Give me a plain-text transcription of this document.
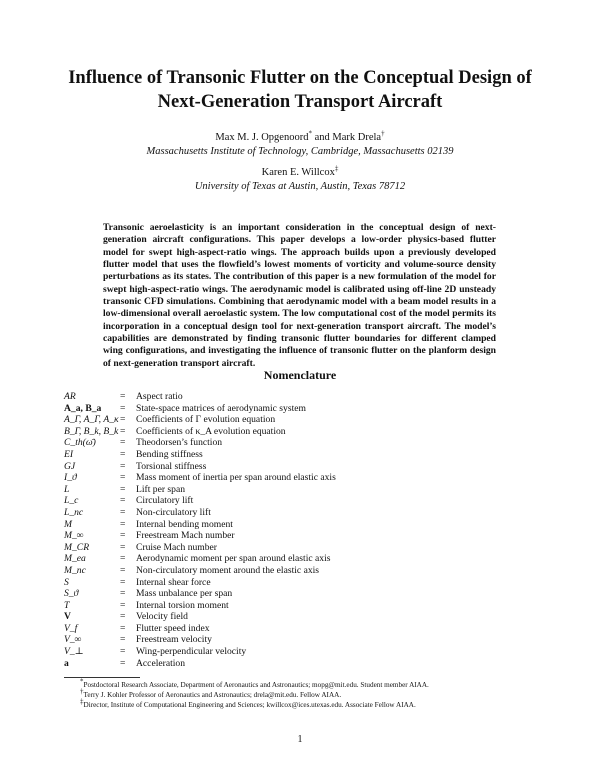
Influence of Transonic Flutter on the Conceptual Design of
Next-Generation Transport Aircraft
Max M. J. Opgenoord* and Mark Drela†
Massachusetts Institute of Technology, Cambridge, Massachusetts 02139
Karen E. Willcox‡
University of Texas at Austin, Austin, Texas 78712
Transonic aeroelasticity is an important consideration in the conceptual design of next-
generation aircraft configurations. This paper develops a low-order physics-based flutter
model for swept high-aspect-ratio wings. The approach builds upon a previously developed
flutter model that uses the flowfield’s lowest moments of vorticity and volume-source density
perturbations as its states. The contribution of this paper is a new formulation of the model for
swept high-aspect-ratio wings. The aerodynamic model is calibrated using off-line 2D unsteady
transonic CFD simulations. Combining that aerodynamic model with a beam model results in a
low-dimensional overall aeroelastic system. The low computational cost of the model permits its
incorporation in a conceptual design tool for next-generation transport aircraft. The model’s
capabilities are demonstrated by finding transonic flutter boundaries for different clamped
wing configurations, and investigating the influence of transonic flutter on the planform design
of next-generation transport aircraft.
Nomenclature
AR	= Aspect ratio
A_a, B_a = State-space matrices of aerodynamic system
A_Γ, A_Γ, A_κ = Coefficients of Γ evolution equation
B_Γ, B_k, B_k = Coefficients of κ_A evolution equation
C_th(ω̄)	= Theodorsen’s function
EI	= Bending stiffness
GJ	= Torsional stiffness
I_ϑ	= Mass moment of inertia per span around elastic axis
L	= Lift per span
L_c	= Circulatory lift
L_nc	= Non-circulatory lift
M	= Internal bending moment
M_∞	= Freestream Mach number
M_CR	= Cruise Mach number
M_ea	= Aerodynamic moment per span around elastic axis
M_nc	= Non-circulatory moment around the elastic axis
S	= Internal shear force
S_ϑ	= Mass unbalance per span
T	= Internal torsion moment
V	= Velocity field
V_f	= Flutter speed index
V_∞	= Freestream velocity
V_⊥	= Wing-perpendicular velocity
a	= Acceleration
*Postdoctoral Research Associate, Department of Aeronautics and Astronautics; mopg@mit.edu. Student member AIAA.
†Terry J. Kohler Professor of Aeronautics and Astronautics; drela@mit.edu. Fellow AIAA.
‡Director, Institute of Computational Engineering and Sciences; kwillcox@ices.utexas.edu. Associate Fellow AIAA.
1
